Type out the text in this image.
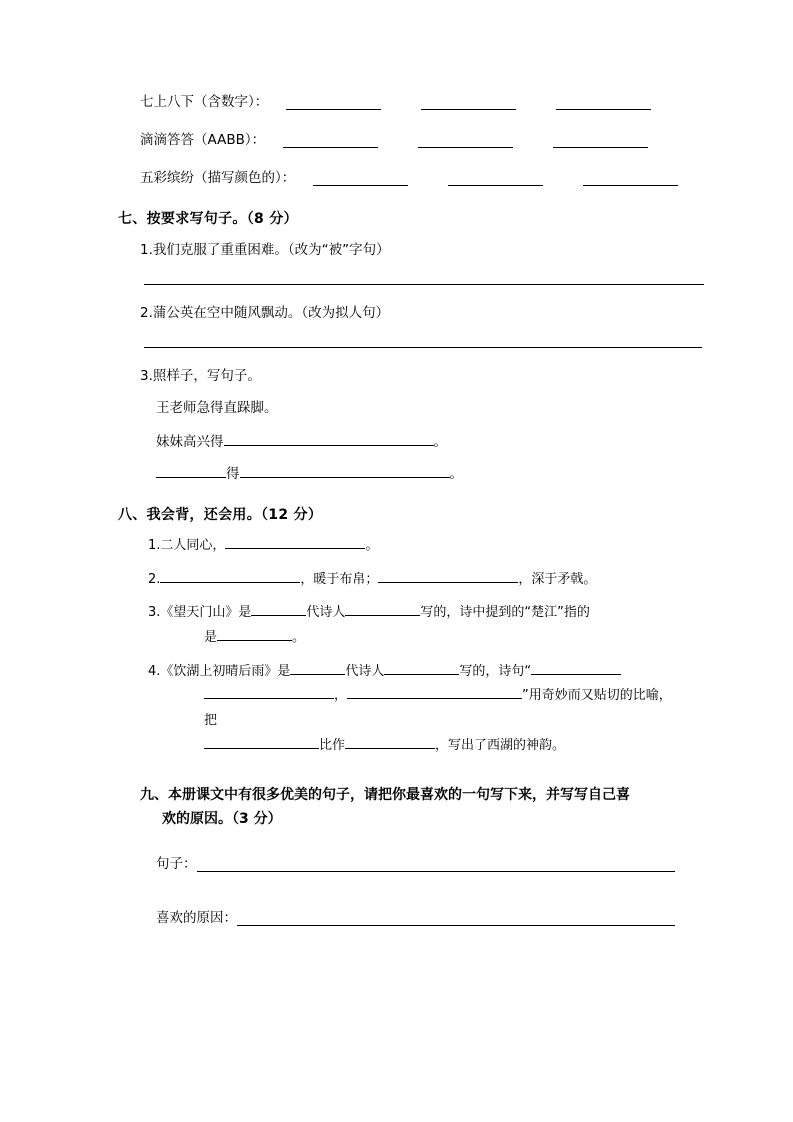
七上八下（含数字）：
滴滴答答（AABB）：
五彩缤纷（描写颜色的）：
七、按要求写句子。（8 分）
1.我们克服了重重困难。（改为“被”字句）
2.蒲公英在空中随风飘动。（改为拟人句）
3.照样子，写句子。
王老师急得直跺脚。
妹妹高兴得	。
得	。
八、我会背，还会用。（12 分）
1.二人同心，	。
2.	，暖于布帛；	，深于矛戟。
3.《望天门山》是	代诗人	写的，诗中提到的“楚江”指的
是	。
4.《饮湖上初晴后雨》是	代诗人	写的，诗句“
，	”用奇妙而又贴切的比喻，把
比作	，写出了西湖的神韵。
九、本册课文中有很多优美的句子，请把你最喜欢的一句写下来，并写写自己喜
欢的原因。（3 分）
句子：
喜欢的原因：
